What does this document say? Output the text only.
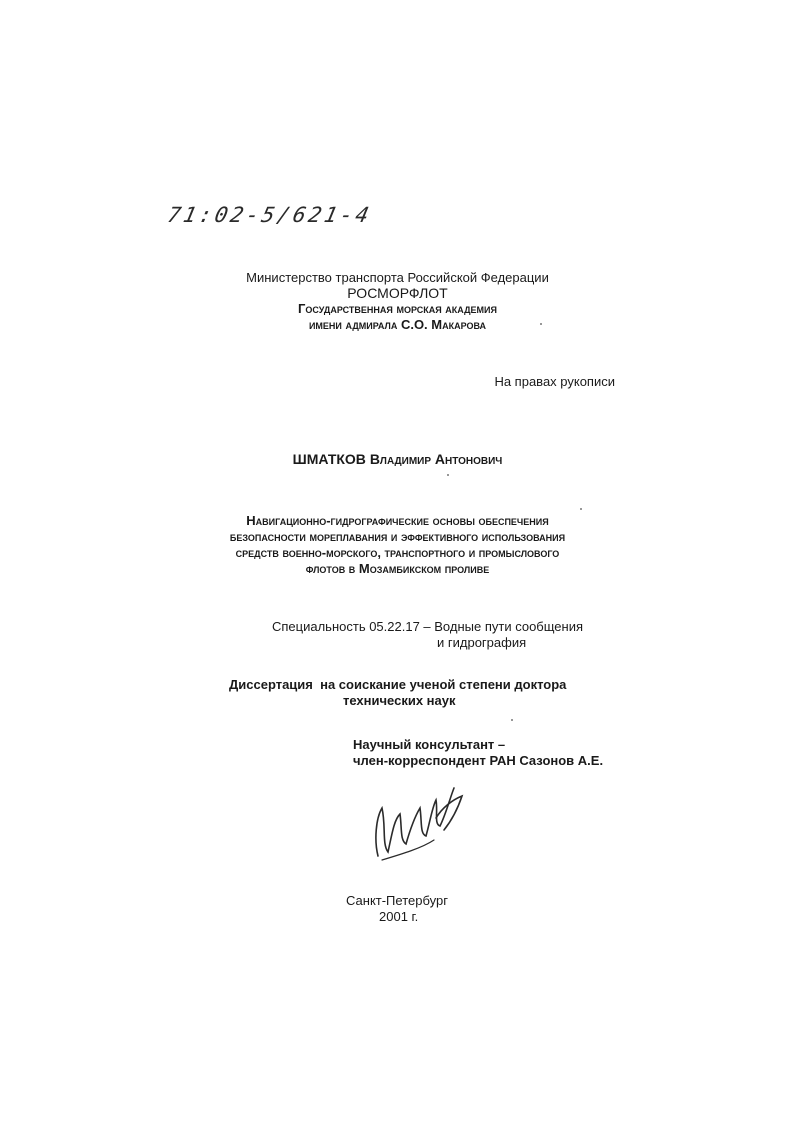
71:02-5/621-4
Министерство транспорта Российской Федерации
РОСМОРФЛОТ
Государственная морская академия
имени адмирала С.О. Макарова
На правах рукописи
ШМАТКОВ Владимир Антонович
Навигационно-гидрографические основы обеспечения
безопасности мореплавания и эффективного использования
средств военно-морского, транспортного и промыслового
флотов в Мозамбикском проливе
Специальность 05.22.17 – Водные пути сообщения
и гидрография
Диссертация  на соискание ученой степени доктора
технических наук
Научный консультант –
член-корреспондент РАН Сазонов А.Е.
Санкт-Петербург
2001 г.
